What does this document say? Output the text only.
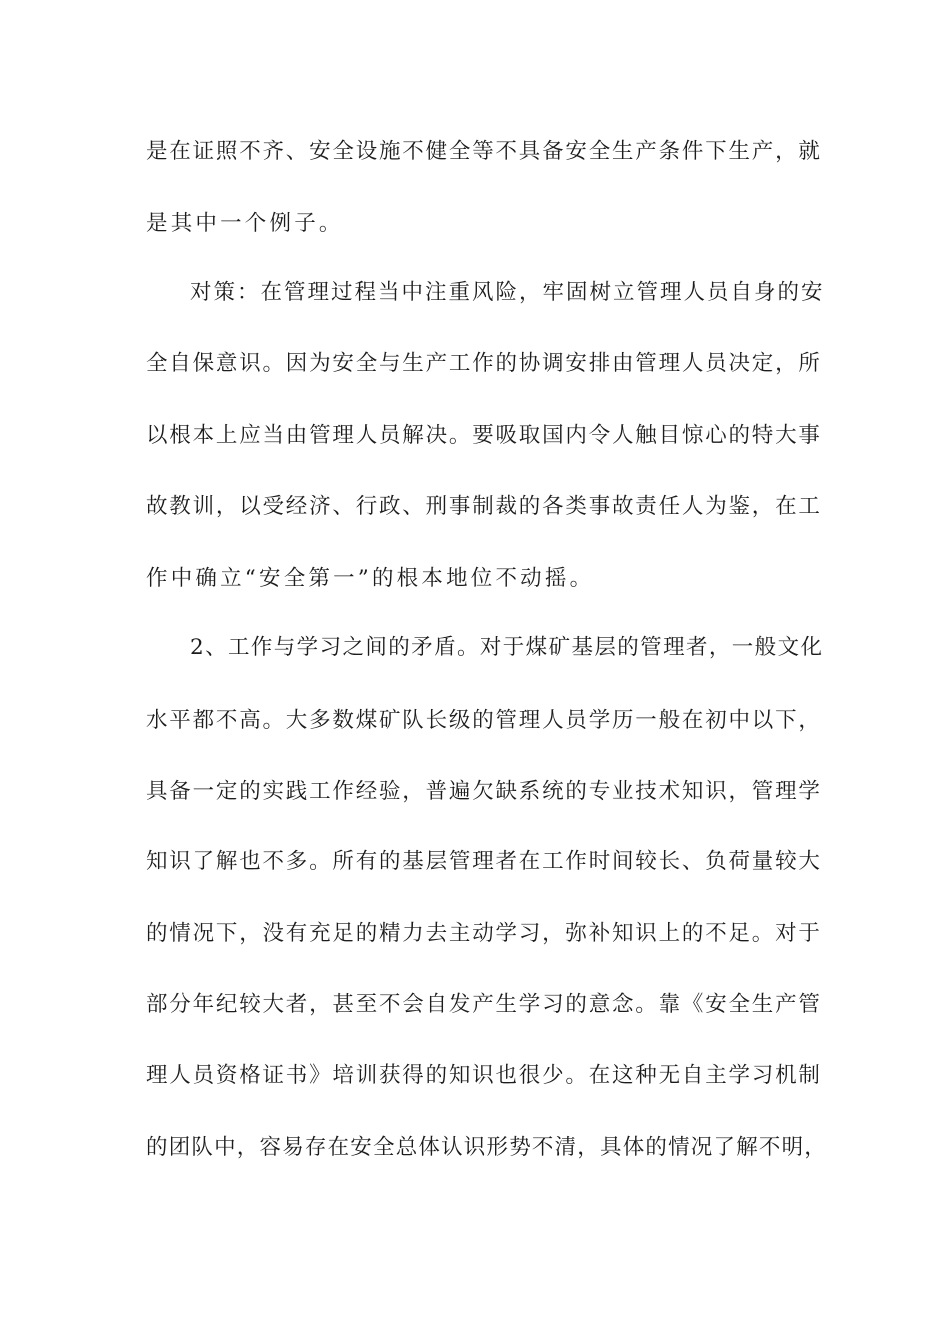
是在证照不齐、安全设施不健全等不具备安全生产条件下生产，就
是其中一个例子。
对策：在管理过程当中注重风险，牢固树立管理人员自身的安
全自保意识。因为安全与生产工作的协调安排由管理人员决定，所
以根本上应当由管理人员解决。要吸取国内令人触目惊心的特大事
故教训，以受经济、行政、刑事制裁的各类事故责任人为鉴，在工
作中确立“安全第一”的根本地位不动摇。
2、工作与学习之间的矛盾。对于煤矿基层的管理者，一般文化
水平都不高。大多数煤矿队长级的管理人员学历一般在初中以下，
具备一定的实践工作经验，普遍欠缺系统的专业技术知识，管理学
知识了解也不多。所有的基层管理者在工作时间较长、负荷量较大
的情况下，没有充足的精力去主动学习，弥补知识上的不足。对于
部分年纪较大者，甚至不会自发产生学习的意念。靠《安全生产管
理人员资格证书》培训获得的知识也很少。在这种无自主学习机制
的团队中，容易存在安全总体认识形势不清，具体的情况了解不明，
